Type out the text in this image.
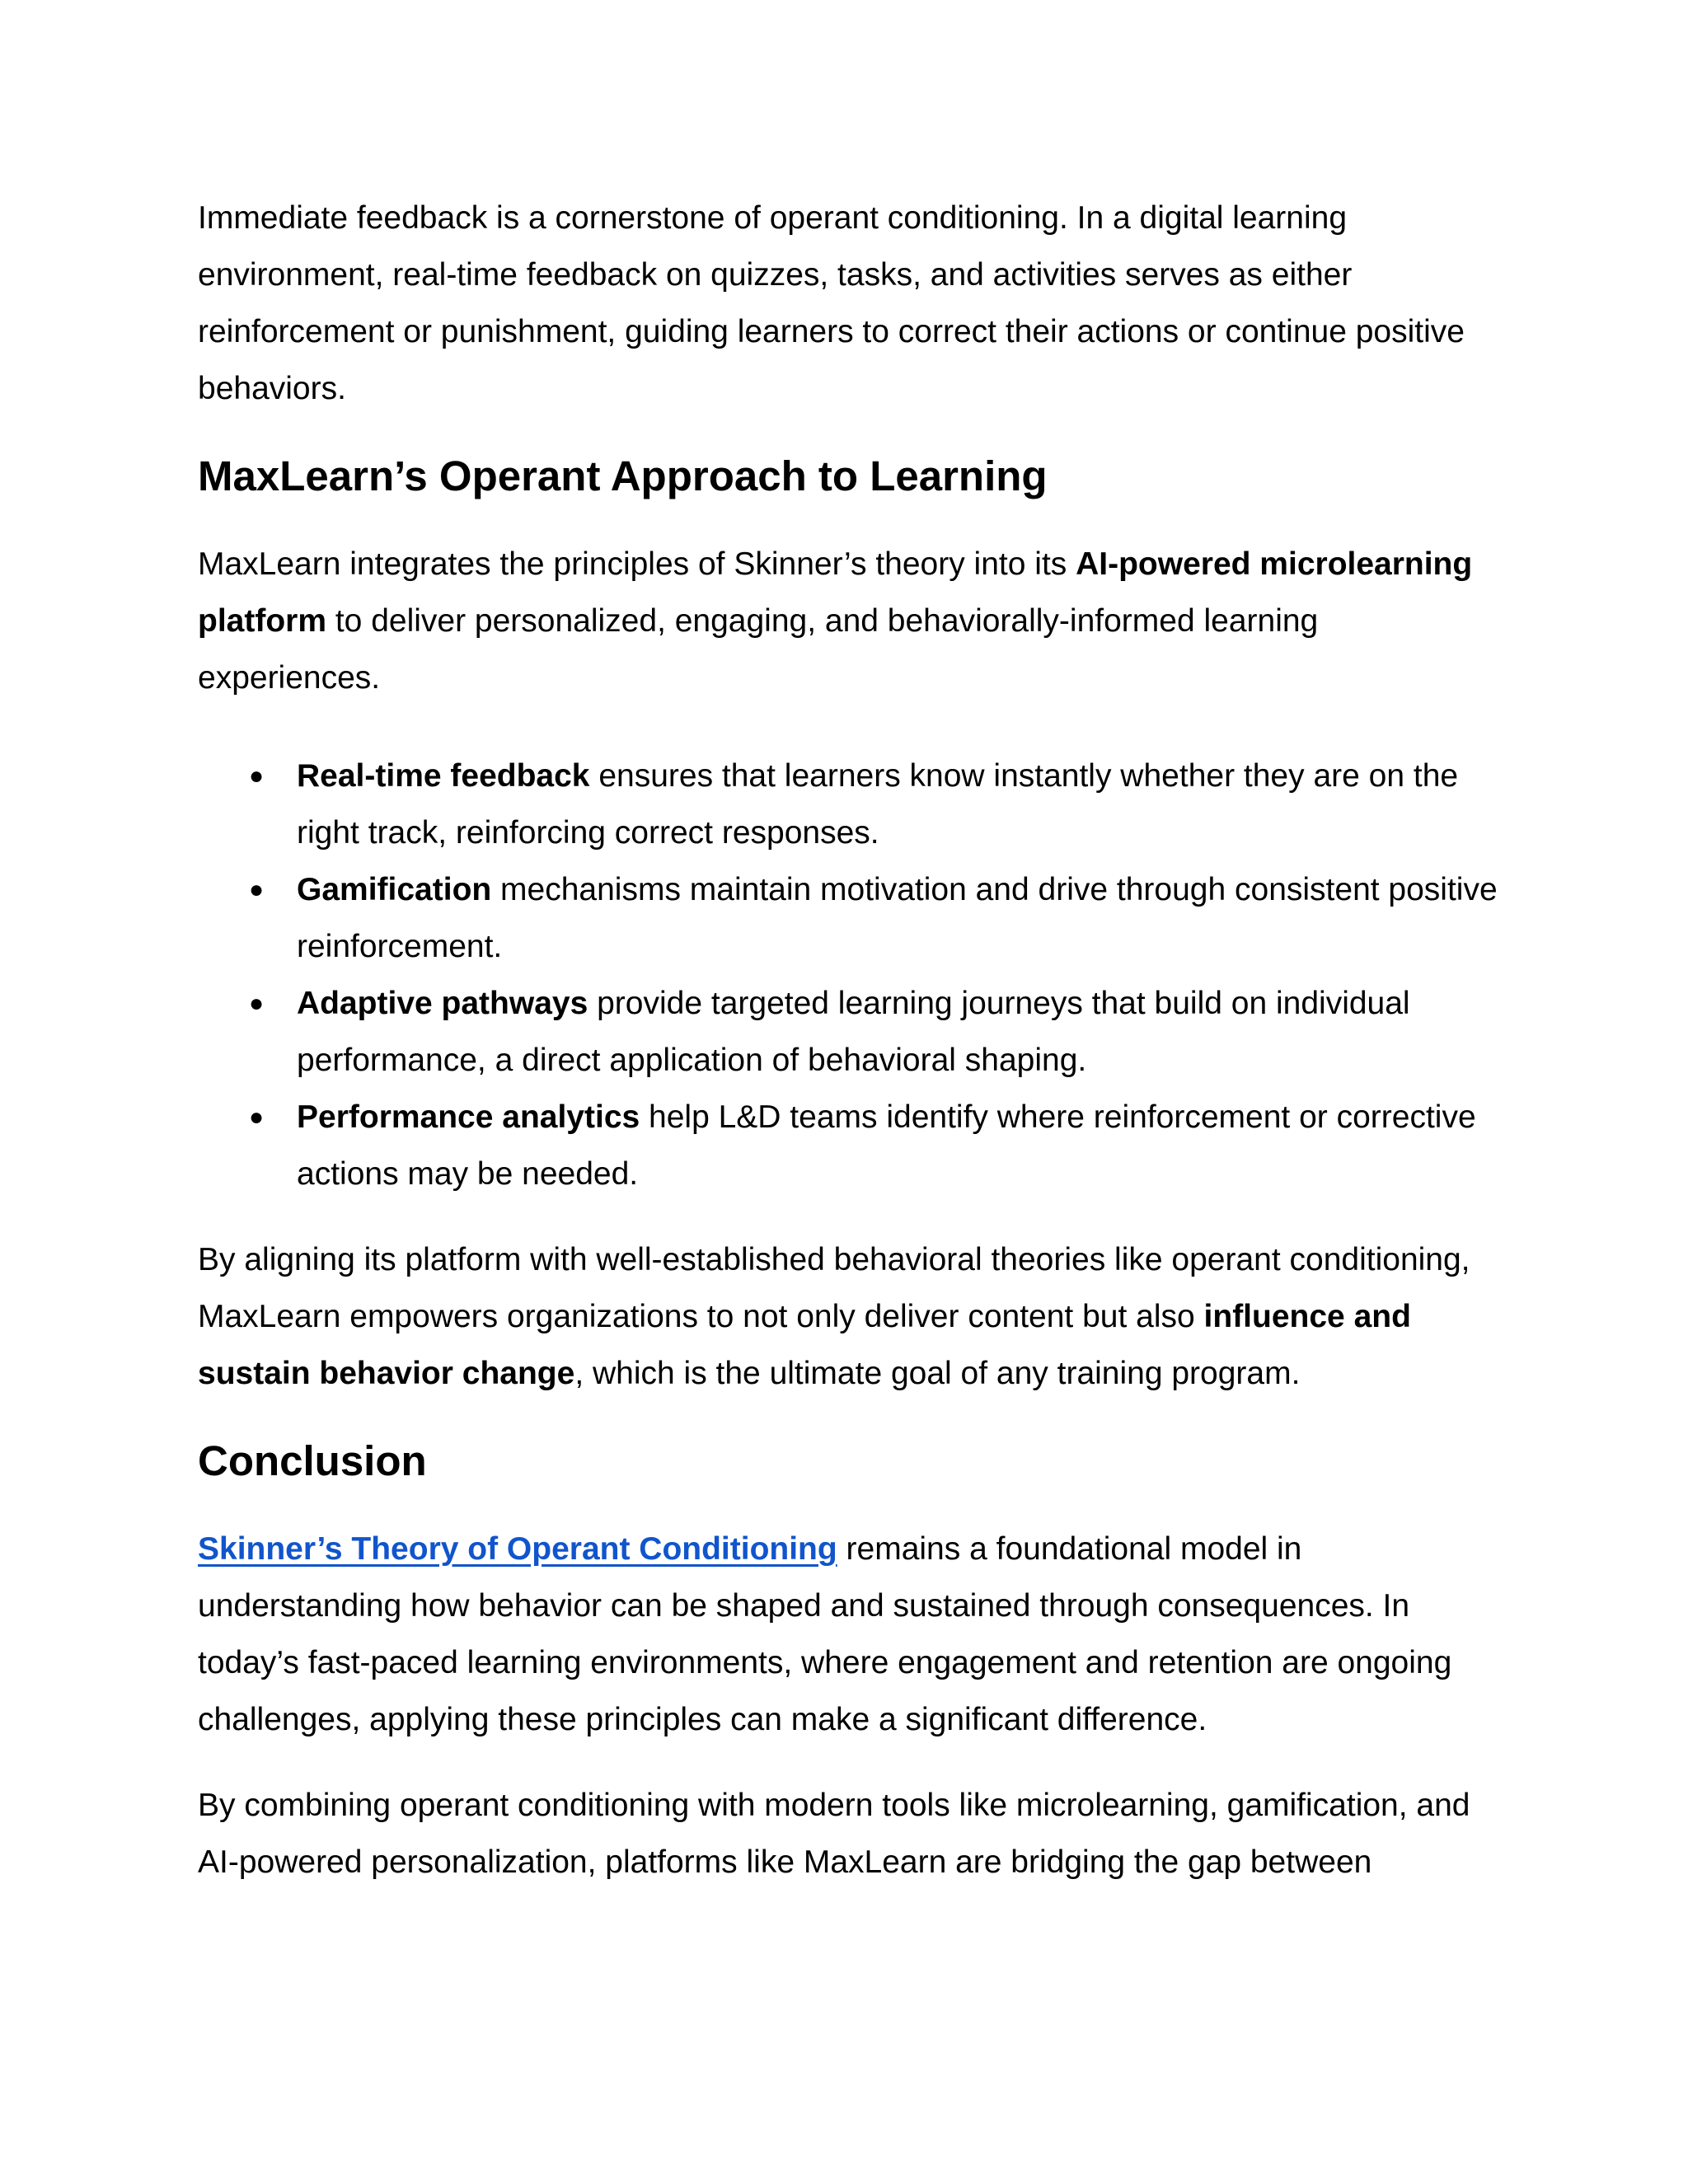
Immediate feedback is a cornerstone of operant conditioning. In a digital learning environment, real-time feedback on quizzes, tasks, and activities serves as either reinforcement or punishment, guiding learners to correct their actions or continue positive behaviors.

MaxLearn’s Operant Approach to Learning

MaxLearn integrates the principles of Skinner’s theory into its AI-powered microlearning platform to deliver personalized, engaging, and behaviorally-informed learning experiences.

● Real-time feedback ensures that learners know instantly whether they are on the right track, reinforcing correct responses.
● Gamification mechanisms maintain motivation and drive through consistent positive reinforcement.
● Adaptive pathways provide targeted learning journeys that build on individual performance, a direct application of behavioral shaping.
● Performance analytics help L&D teams identify where reinforcement or corrective actions may be needed.

By aligning its platform with well-established behavioral theories like operant conditioning, MaxLearn empowers organizations to not only deliver content but also influence and sustain behavior change, which is the ultimate goal of any training program.

Conclusion

Skinner’s Theory of Operant Conditioning remains a foundational model in understanding how behavior can be shaped and sustained through consequences. In today’s fast-paced learning environments, where engagement and retention are ongoing challenges, applying these principles can make a significant difference.

By combining operant conditioning with modern tools like microlearning, gamification, and AI-powered personalization, platforms like MaxLearn are bridging the gap between
